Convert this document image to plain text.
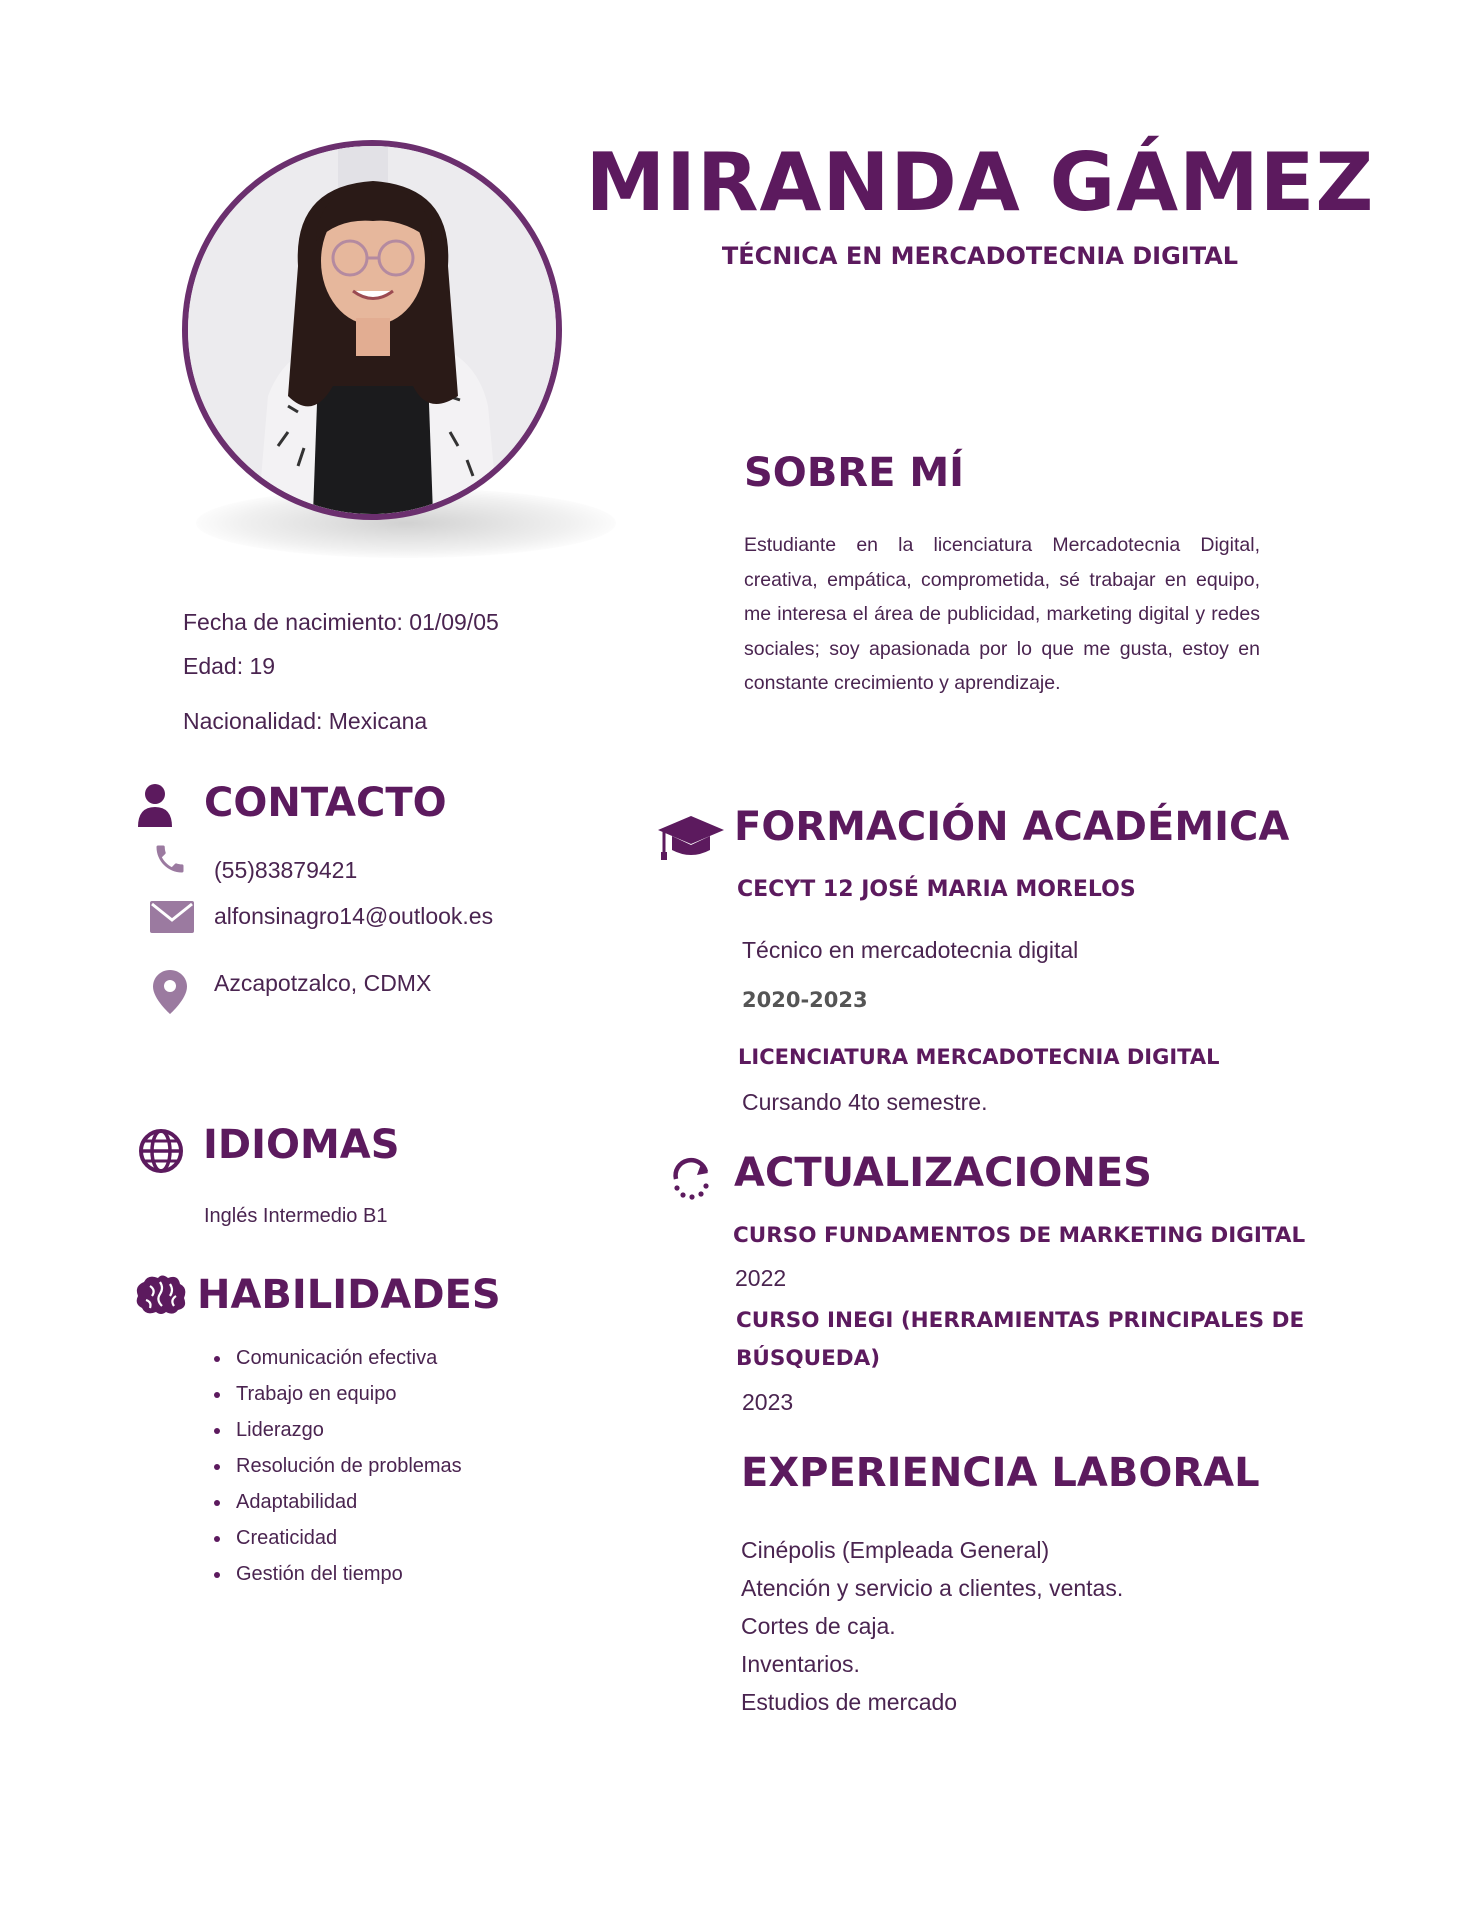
MIRANDA GÁMEZ
TÉCNICA EN MERCADOTECNIA DIGITAL
Fecha de nacimiento: 01/09/05
Edad: 19
Nacionalidad: Mexicana
CONTACTO
(55)83879421
alfonsinagro14@outlook.es
Azcapotzalco, CDMX
IDIOMAS
Inglés Intermedio B1
HABILIDADES
• Comunicación efectiva
• Trabajo en equipo
• Liderazgo
• Resolución de problemas
• Adaptabilidad
• Creaticidad
• Gestión del tiempo
SOBRE MÍ
Estudiante en la licenciatura Mercadotecnia Digital, creativa, empática, comprometida, sé trabajar en equipo, me interesa el área de publicidad, marketing digital y redes sociales; soy apasionada por lo que me gusta, estoy en constante crecimiento y aprendizaje.
FORMACIÓN ACADÉMICA
CECYT 12 JOSÉ MARIA MORELOS
Técnico en mercadotecnia digital
2020-2023
LICENCIATURA MERCADOTECNIA DIGITAL
Cursando 4to semestre.
ACTUALIZACIONES
CURSO FUNDAMENTOS DE MARKETING DIGITAL
2022
CURSO INEGI (HERRAMIENTAS PRINCIPALES DE
BÚSQUEDA)
2023
EXPERIENCIA LABORAL
Cinépolis (Empleada General)
Atención y servicio a clientes, ventas.
Cortes de caja.
Inventarios.
Estudios de mercado
